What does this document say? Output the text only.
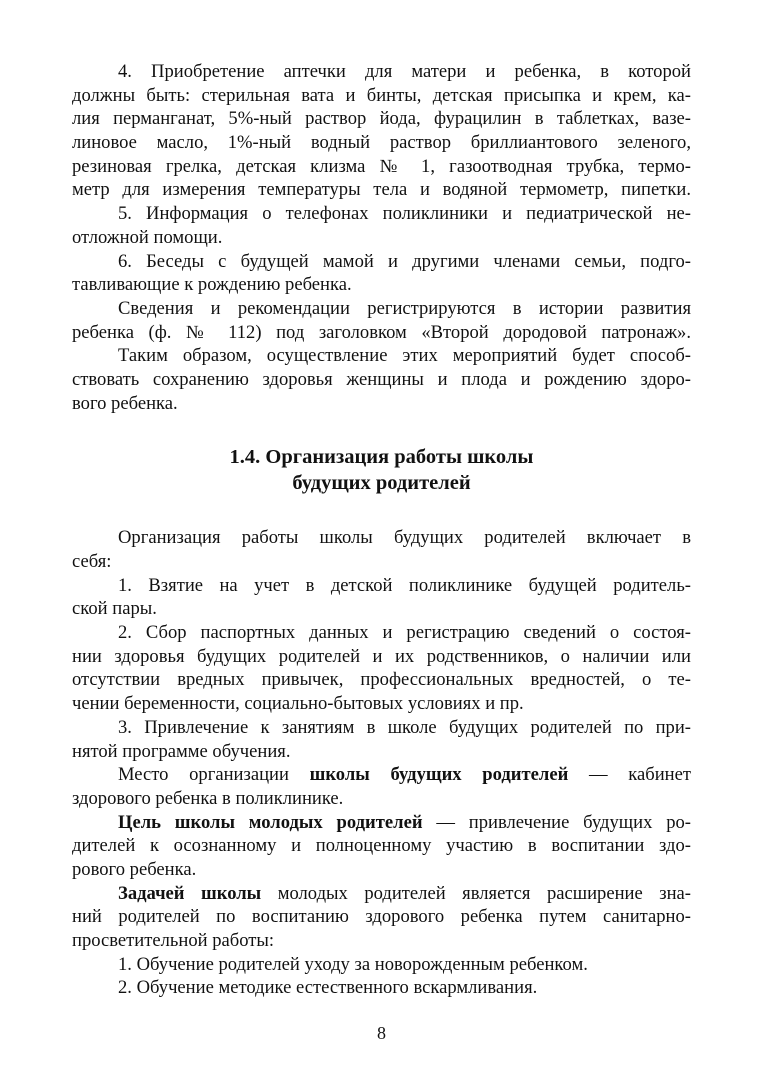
4. Приобретение аптечки для матери и ребенка, в которой
должны быть: стерильная вата и бинты, детская присыпка и крем, ка-
лия перманганат, 5%-ный раствор йода, фурацилин в таблетках, вазе-
линовое масло, 1%-ный водный раствор бриллиантового зеленого,
резиновая грелка, детская клизма № 1, газоотводная трубка, термо-
метр для измерения температуры тела и водяной термометр, пипетки.
5. Информация о телефонах поликлиники и педиатрической не-
отложной помощи.
6. Беседы с будущей мамой и другими членами семьи, подго-
тавливающие к рождению ребенка.
Сведения и рекомендации регистрируются в истории развития
ребенка (ф. № 112) под заголовком «Второй дородовой патронаж».
Таким образом, осуществление этих мероприятий будет способ-
ствовать сохранению здоровья женщины и плода и рождению здоро-
вого ребенка.
1.4. Организация работы школы
будущих родителей
Организация работы школы будущих родителей включает в
себя:
1. Взятие на учет в детской поликлинике будущей родитель-
ской пары.
2. Сбор паспортных данных и регистрацию сведений о состоя-
нии здоровья будущих родителей и их родственников, о наличии или
отсутствии вредных привычек, профессиональных вредностей, о те-
чении беременности, социально-бытовых условиях и пр.
3. Привлечение к занятиям в школе будущих родителей по при-
нятой программе обучения.
Место организации школы будущих родителей — кабинет
здорового ребенка в поликлинике.
Цель школы молодых родителей — привлечение будущих ро-
дителей к осознанному и полноценному участию в воспитании здо-
рового ребенка.
Задачей школы молодых родителей является расширение зна-
ний родителей по воспитанию здорового ребенка путем санитарно-
просветительной работы:
1. Обучение родителей уходу за новорожденным ребенком.
2. Обучение методике естественного вскармливания.
8
